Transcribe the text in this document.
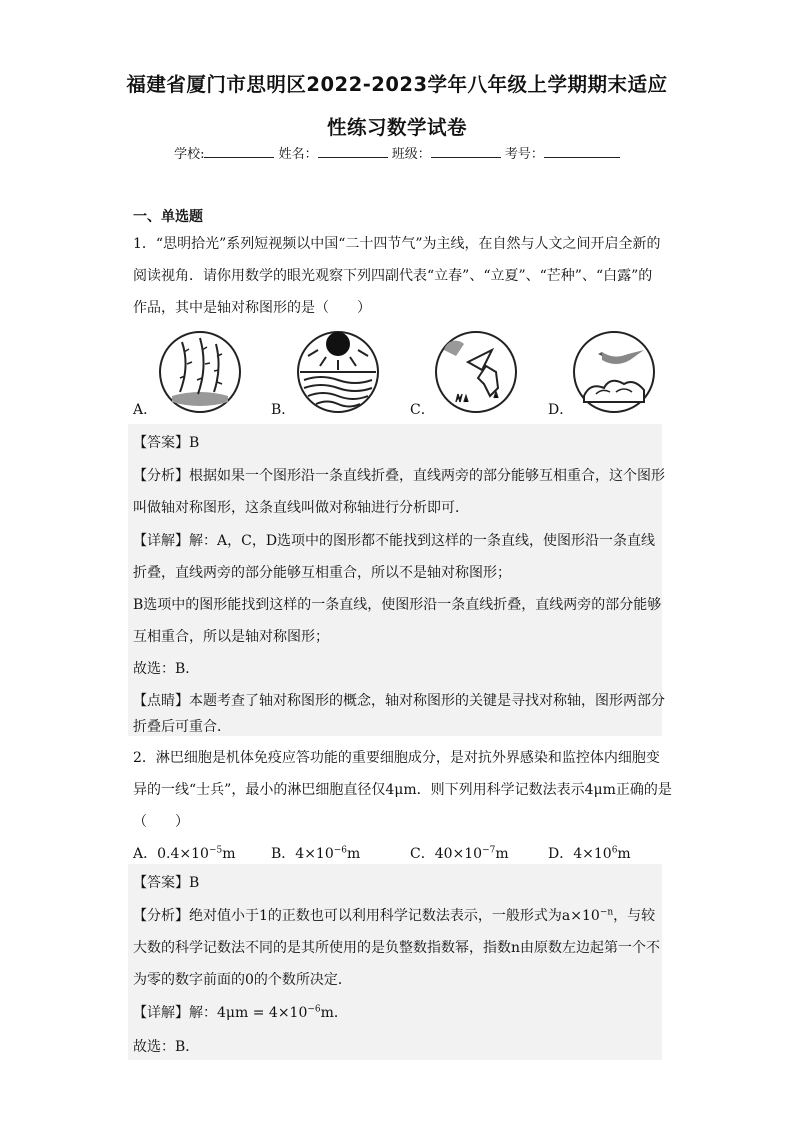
福建省厦门市思明区2022-2023学年八年级上学期期末适应
性练习数学试卷
学校:	姓名：	班级：	考号：
一、单选题
1．“思明拾光”系列短视频以中国“二十四节气”为主线，在自然与人文之间开启全新的
阅读视角．请你用数学的眼光观察下列四副代表“立春”、“立夏”、“芒种”、“白露”的
作品，其中是轴对称图形的是（　　）
A．	B．	C．	D．
【答案】B
【分析】根据如果一个图形沿一条直线折叠，直线两旁的部分能够互相重合，这个图形
叫做轴对称图形，这条直线叫做对称轴进行分析即可．
【详解】解：A，C，D选项中的图形都不能找到这样的一条直线，使图形沿一条直线
折叠，直线两旁的部分能够互相重合，所以不是轴对称图形；
B选项中的图形能找到这样的一条直线，使图形沿一条直线折叠，直线两旁的部分能够
互相重合，所以是轴对称图形；
故选：B．
【点睛】本题考查了轴对称图形的概念，轴对称图形的关键是寻找对称轴，图形两部分
折叠后可重合．
2．淋巴细胞是机体免疫应答功能的重要细胞成分，是对抗外界感染和监控体内细胞变
异的一线“士兵”，最小的淋巴细胞直径仅4μm．则下列用科学记数法表示4μm正确的是
（　　）
A．$0.4\times 10^{-5}m$	B．$4\times 10^{-6}m$	C．$40\times 10^{-7}m$	D．$4\times 10^6m$
【答案】B
【分析】绝对值小于1的正数也可以利用科学记数法表示，一般形式为$a\times 10^{-n}$，与较
大数的科学记数法不同的是其所使用的是负整数指数幂，指数n由原数左边起第一个不
为零的数字前面的0的个数所决定．
【详解】解：$4\mu m = 4\times 10^{-6}m$．
故选：B．
